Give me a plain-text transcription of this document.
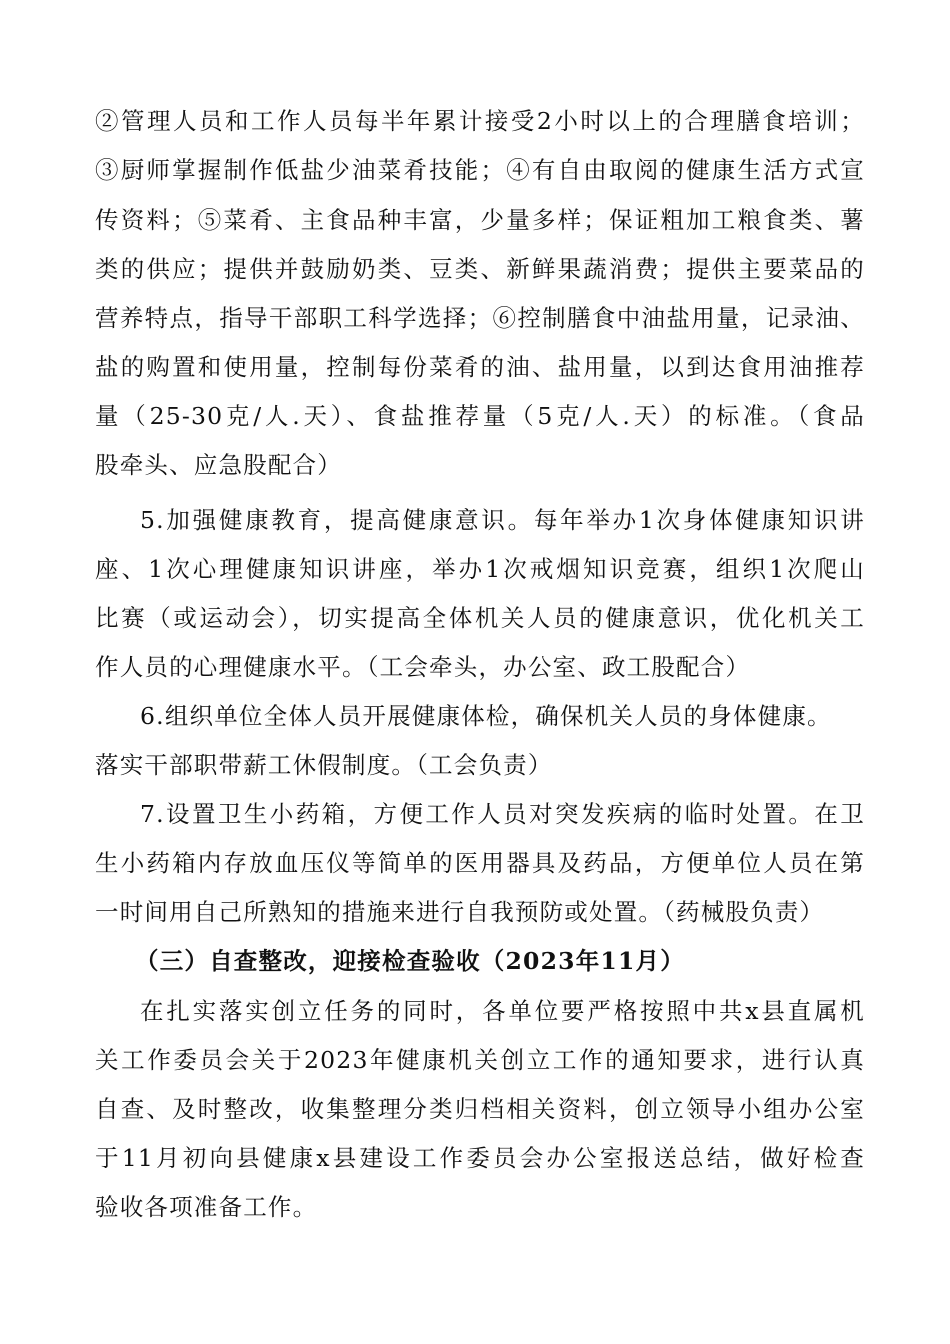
②管理人员和工作人员每半年累计接受2小时以上的合理膳食培训；
③厨师掌握制作低盐少油菜肴技能；④有自由取阅的健康生活方式宣
传资料；⑤菜肴、主食品种丰富，少量多样；保证粗加工粮食类、薯
类的供应；提供并鼓励奶类、豆类、新鲜果蔬消费；提供主要菜品的
营养特点，指导干部职工科学选择；⑥控制膳食中油盐用量，记录油、
盐的购置和使用量，控制每份菜肴的油、盐用量，以到达食用油推荐
量（25-30克/人.天）、食盐推荐量（5克/人.天）的标准。（食品
股牵头、应急股配合）
5.加强健康教育，提高健康意识。每年举办1次身体健康知识讲
座、1次心理健康知识讲座，举办1次戒烟知识竞赛，组织1次爬山
比赛（或运动会），切实提高全体机关人员的健康意识，优化机关工
作人员的心理健康水平。（工会牵头，办公室、政工股配合）
6.组织单位全体人员开展健康体检，确保机关人员的身体健康。
落实干部职带薪工休假制度。（工会负责）
7.设置卫生小药箱，方便工作人员对突发疾病的临时处置。在卫
生小药箱内存放血压仪等简单的医用器具及药品，方便单位人员在第
一时间用自己所熟知的措施来进行自我预防或处置。（药械股负责）
（三）自查整改，迎接检查验收（2023年11月）
在扎实落实创立任务的同时，各单位要严格按照中共x县直属机
关工作委员会关于2023年健康机关创立工作的通知要求，进行认真
自查、及时整改，收集整理分类归档相关资料，创立领导小组办公室
于11月初向县健康x县建设工作委员会办公室报送总结，做好检查
验收各项准备工作。
